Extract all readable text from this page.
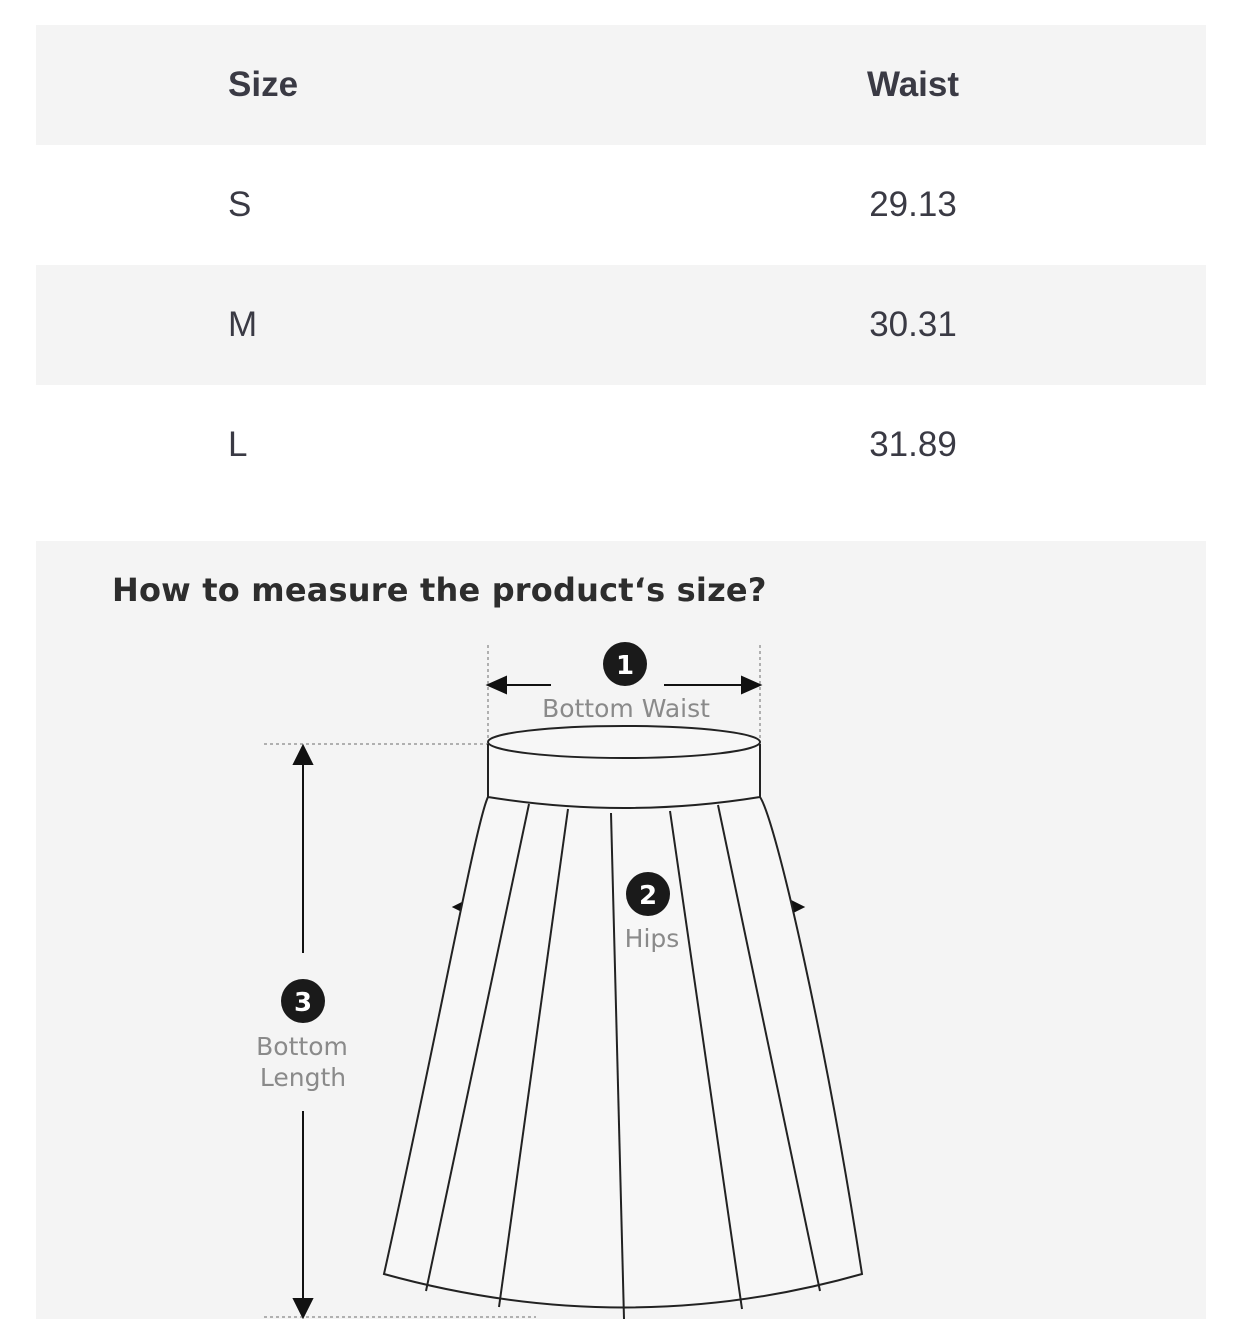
Size	Waist
S	29.13
M	30.31
L	31.89
How to measure the product‘s size?
1
Bottom Waist
2
Hips
3
Bottom
Length
